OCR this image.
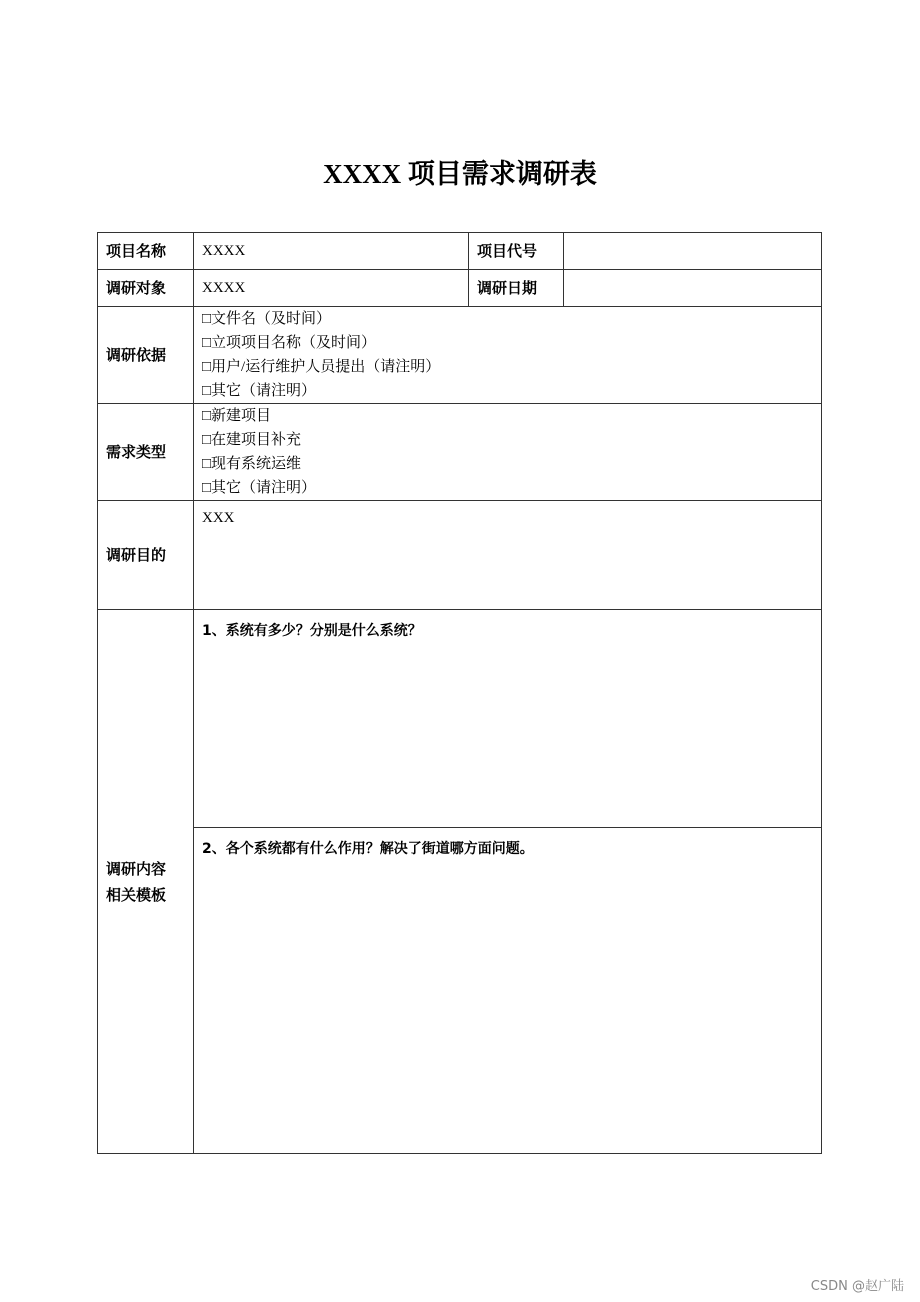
XXXX 项目需求调研表
项目名称	XXXX	项目代号	
调研对象	XXXX	调研日期	
调研依据	□文件名（及时间）
□立项项目名称（及时间）
□用户/运行维护人员提出（请注明）
□其它（请注明）		

需求类型	□新建项目
□在建项目补充
□现有系统运维
□其它（请注明）		

调研目的	XXX		

调研内容
相关模板	1、系统有多少？分别是什么系统？		
	2、各个系统都有什么作用？解决了街道哪方面问题。		
CSDN @赵广陆
